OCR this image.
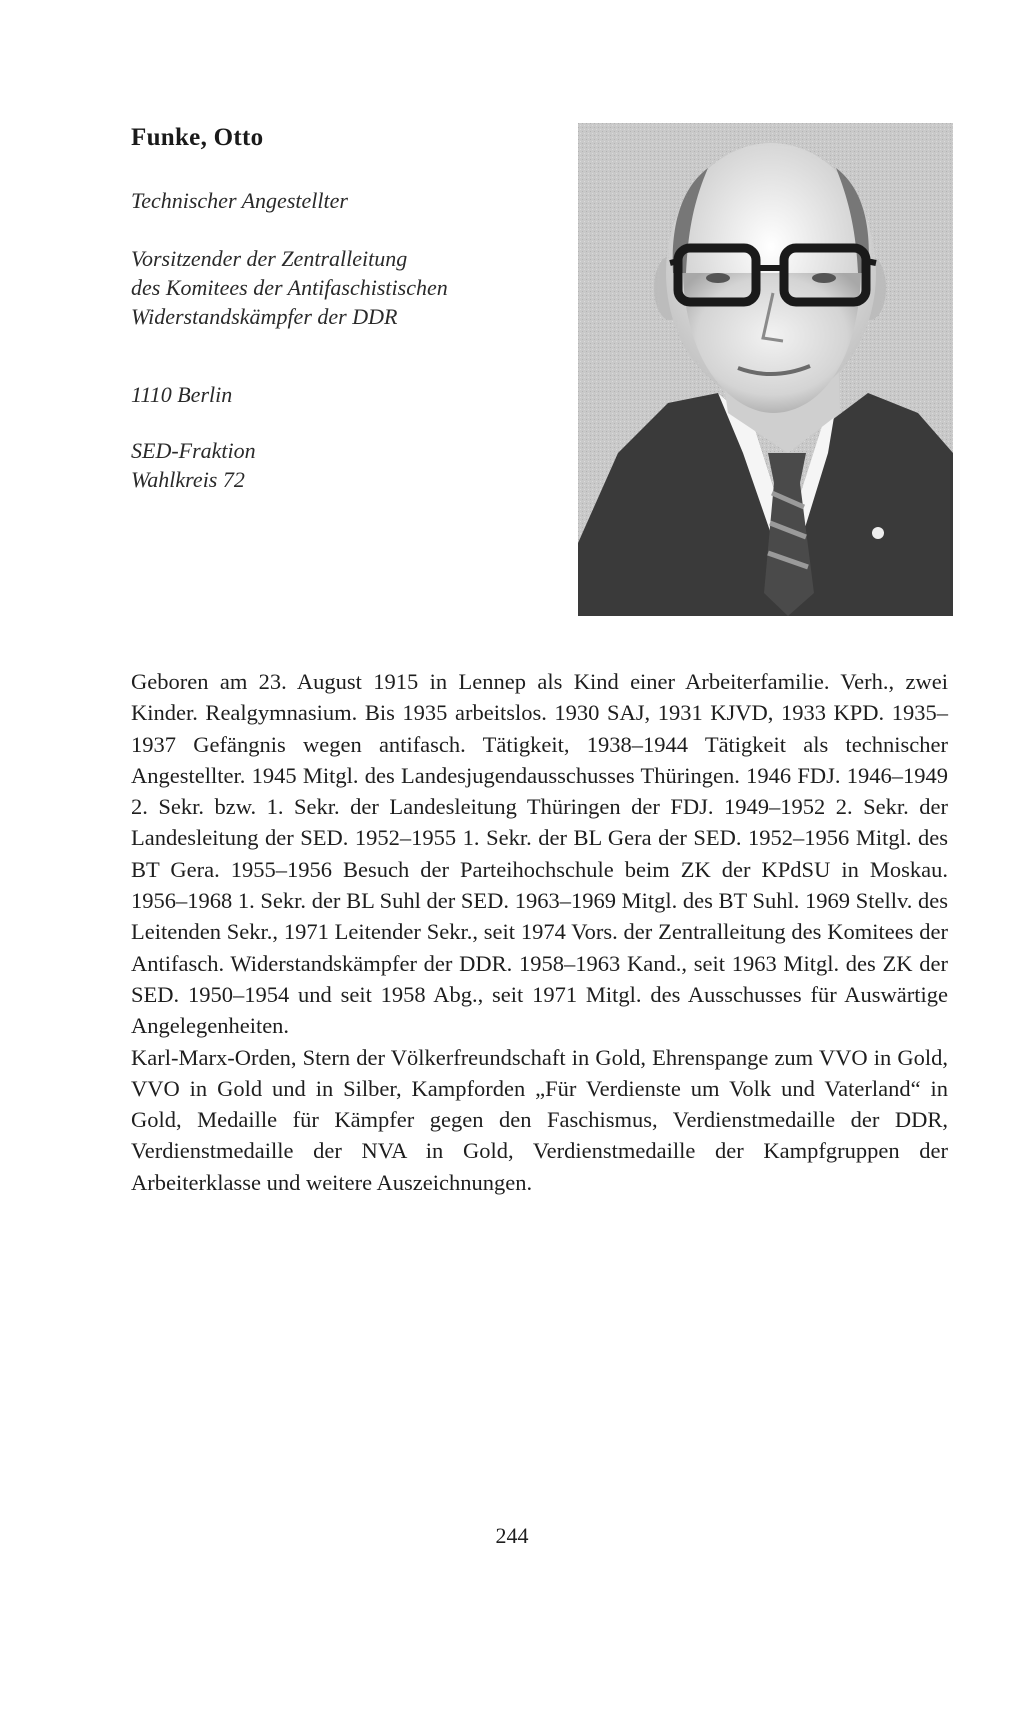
Funke, Otto
Technischer Angestellter
Vorsitzender der Zentralleitung
des Komitees der Antifaschistischen
Widerstandskämpfer der DDR
1110 Berlin
SED-Fraktion
Wahlkreis 72

Geboren am 23. August 1915 in Lennep als Kind einer Arbeiterfamilie. Verh., zwei Kinder. Realgymnasium. Bis 1935 arbeitslos. 1930 SAJ, 1931 KJVD, 1933 KPD. 1935–1937 Gefängnis wegen antifasch. Tätigkeit, 1938–1944 Tätigkeit als technischer Angestellter. 1945 Mitgl. des Landesjugendausschusses Thüringen. 1946 FDJ. 1946–1949 2. Sekr. bzw. 1. Sekr. der Landesleitung Thüringen der FDJ. 1949–1952 2. Sekr. der Landesleitung der SED. 1952–1955 1. Sekr. der BL Gera der SED. 1952–1956 Mitgl. des BT Gera. 1955–1956 Besuch der Parteihochschule beim ZK der KPdSU in Moskau. 1956–1968 1. Sekr. der BL Suhl der SED. 1963–1969 Mitgl. des BT Suhl. 1969 Stellv. des Leitenden Sekr., 1971 Leitender Sekr., seit 1974 Vors. der Zentralleitung des Komitees der Antifasch. Widerstandskämpfer der DDR. 1958–1963 Kand., seit 1963 Mitgl. des ZK der SED. 1950–1954 und seit 1958 Abg., seit 1971 Mitgl. des Ausschusses für Auswärtige Angelegenheiten.

Karl-Marx-Orden, Stern der Völkerfreundschaft in Gold, Ehrenspange zum VVO in Gold, VVO in Gold und in Silber, Kampforden „Für Verdienste um Volk und Vaterland“ in Gold, Medaille für Kämpfer gegen den Faschismus, Verdienstmedaille der DDR, Verdienstmedaille der NVA in Gold, Verdienstmedaille der Kampfgruppen der Arbeiterklasse und weitere Auszeichnungen.

244
